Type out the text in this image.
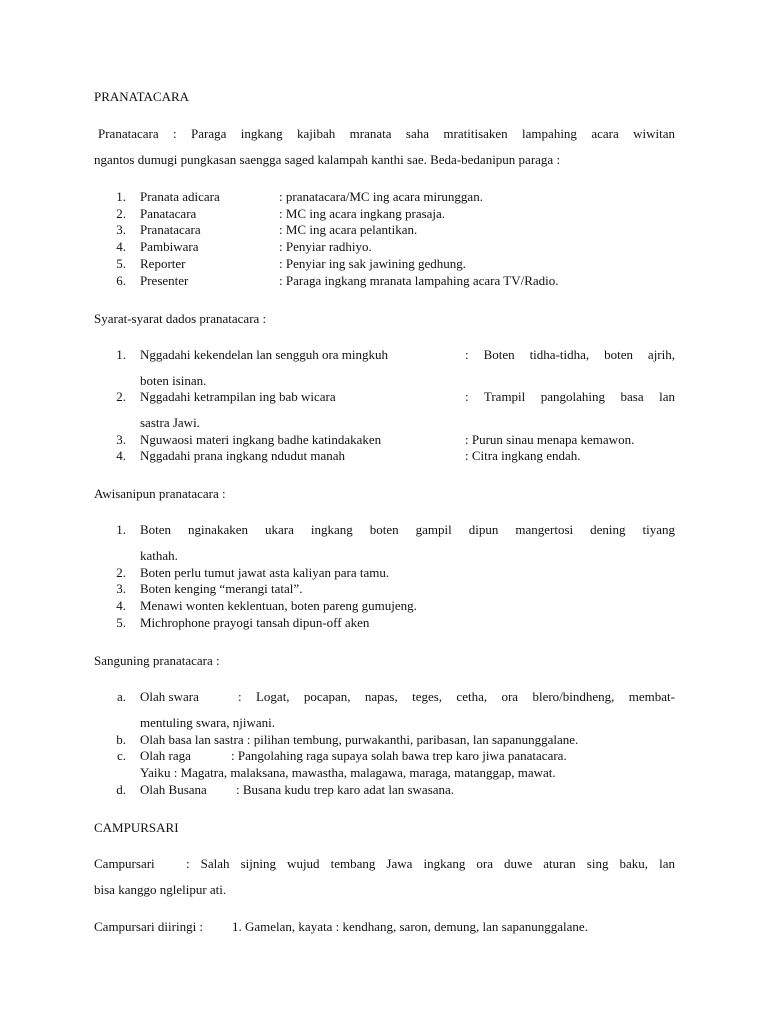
PRANATACARA
Pranatacara : Paraga ingkang kajibah mranata saha mratitisaken lampahing acara wiwitan
ngantos dumugi pungkasan saengga saged kalampah kanthi sae. Beda-bedanipun paraga :
1. Pranata adicara	: pranatacara/MC ing acara mirunggan.
2. Panatacara	: MC ing acara ingkang prasaja.
3. Pranatacara	: MC ing acara pelantikan.
4. Pambiwara	: Penyiar radhiyo.
5. Reporter	: Penyiar ing sak jawining gedhung.
6. Presenter	: Paraga ingkang mranata lampahing acara TV/Radio.
Syarat-syarat dados pranatacara :
1. Nggadahi kekendelan lan sengguh ora mingkuh	: Boten tidha-tidha, boten ajrih,
boten isinan.
2. Nggadahi ketrampilan ing bab wicara	: Trampil pangolahing basa lan
sastra Jawi.
3. Nguwaosi materi ingkang badhe katindakaken	: Purun sinau menapa kemawon.
4. Nggadahi prana ingkang ndudut manah	: Citra ingkang endah.
Awisanipun pranatacara :
1. Boten nginakaken ukara ingkang boten gampil dipun mangertosi dening tiyang
kathah.
2. Boten perlu tumut jawat asta kaliyan para tamu.
3. Boten kenging “merangi tatal”.
4. Menawi wonten keklentuan, boten pareng gumujeng.
5. Michrophone prayogi tansah dipun-off aken
Sanguning pranatacara :
a. Olah swara	: Logat, pocapan, napas, teges, cetha, ora blero/bindheng, membat-
mentuling swara, njiwani.
b. Olah basa lan sastra : pilihan tembung, purwakanthi, paribasan, lan sapanunggalane.
c. Olah raga	: Pangolahing raga supaya solah bawa trep karo jiwa panatacara.
Yaiku : Magatra, malaksana, mawastha, malagawa, maraga, matanggap, mawat.
d. Olah Busana : Busana kudu trep karo adat lan swasana.
CAMPURSARI
Campursari : Salah sijning wujud tembang Jawa ingkang ora duwe aturan sing baku, lan
bisa kanggo nglelipur ati.
Campursari diiringi : 1. Gamelan, kayata : kendhang, saron, demung, lan sapanunggalane.
